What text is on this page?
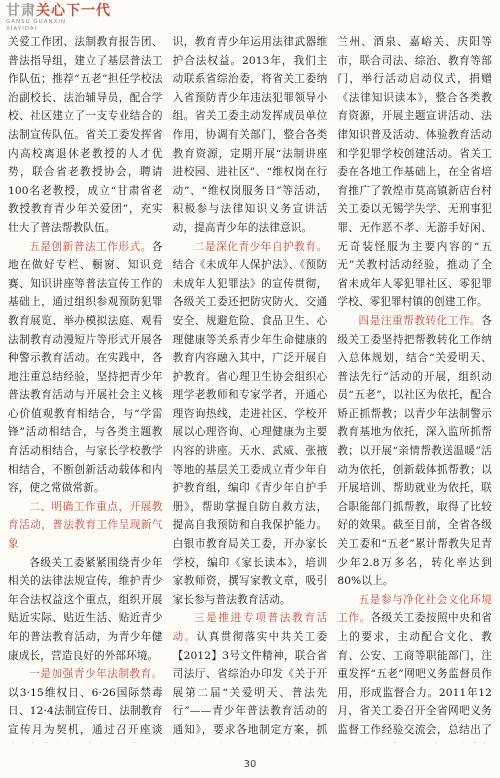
甘肃关心下一代
GANSU GUANXIN
XIAYIDAI

关爱工作团、法制教育报告团、普法指导组，建立了基层普法工作队伍；推荐“五老”担任学校法治副校长、法治辅导员，配合学校、社区建立了一支专业结合的法制宣传队伍。省关工委发挥省内高校离退休老教授的人才优势，联合省老教授协会，聘请100名老教授，成立“甘肃省老教授教育青少年关爱团”，充实壮大了普法帮教队伍。

五是创新普法工作形式。各地在做好专栏、橱窗、知识竞赛、知识讲座等普法宣传工作的基础上，通过组织参观预防犯罪教育展览、举办模拟法庭、观看法制教育动漫短片等形式开展各种警示教育活动。在实践中，各地注重总结经验，坚持把青少年普法教育活动与开展社会主义核心价值观教育相结合，与“学雷锋”活动相结合，与各类主题教育活动相结合，与家长学校教学相结合，不断创新活动载体和内容，使之常做常新。

二、明确工作重点，开展教育活动，普法教育工作呈现新气象

各级关工委紧紧围绕青少年相关的法律法规宣传，维护青少年合法权益这个重点，组织开展贴近实际、贴近生活、贴近青少年的普法教育活动，为青少年健康成长，营造良好的外部环境。

一是加强青少年法制教育。以3·15维权日、6·26国际禁毒日、12·4法制宣传日、法制教育宣传月为契机，通过召开座谈

识，教育青少年运用法律武器维护合法权益。2013年，我们主动联系省综治委，将省关工委纳入省预防青少年违法犯罪领导小组。省关工委主动发挥成员单位作用，协调有关部门，整合各类教育资源，定期开展“法制讲座进校园、进社区”、“维权岗在行动”、“维权岗服务日”等活动，积极参与法律知识义务宣讲活动，提高青少年的法律意识。

二是深化青少年自护教育。结合《未成年人保护法》、《预防未成年人犯罪法》的宣传贯彻，各级关工委还把防灾防火、交通安全、规避危险、食品卫生、心理健康等关系青少年生命健康的教育内容融入其中，广泛开展自护教育。省心理卫生协会组织心理学老教师和专家学者，开通心理咨询热线，走进社区、学校开展以心理咨询、心理健康为主要内容的讲座。天水、武威、张掖等地的基层关工委成立青少年自护教育组，编印《青少年自护手册》，帮助掌握自防自救方法，提高自我预防和自我保护能力。白银市教育局关工委，开办家长学校，编印《家长读本》，培训家教师资，撰写家教文章，吸引家长参与普法教育活动。

三是推进专项普法教育活动。认真贯彻落实中共关工委【2012】3号文件精神，联合省司法厅、省综治办印发《关于开展第二届“关爱明天、普法先行”——青少年普法教育活动的通知》，要求各地制定方案，抓

兰州、酒泉、嘉峪关、庆阳等市，联合司法、综治、教育等部门，举行活动启动仪式，捐赠《法律知识读本》，整合各类教育资源，开展主题宣讲活动、法律知识普及活动、体验教育活动和学犯罪学校创建活动。省关工委在各地工作基础上，在全省培育推广了敦煌市莫高镇新店台村关工委以无锡学失学、无刑事犯罪、无作恶不孝、无游手好闲、无奇装怪服为主要内容的“五无”关教村活动经验，推动了全省未成年人零犯罪社区、零犯罪学校、零犯罪村镇的创建工作。

四是注重帮教转化工作。各级关工委坚持把帮教转化工作纳入总体规划，结合“关爱明天、普法先行”活动的开展，组织动员“五老”，以社区为依托，配合矫正抓帮教；以青少年法制警示教育基地为依托，深入监所抓帮教；以开展“亲情帮教送温暖”活动为依托，创新载体抓帮教；以开展培训、帮助就业为依托，联合职能部门抓帮教，取得了比较好的效果。截至目前，全省各级关工委和“五老”累计帮教失足青少年2.8万多名，转化率达到80%以上。

五是参与净化社会文化环境工作。各级关工委按照中央和省上的要求，主动配合文化、教育、公安、工商等职能部门，注重发挥“五老”网吧义务监督员作用，形成监督合力。2011年12月，省关工委召开全省网吧义务监督工作经验交流会，总结出了

30
